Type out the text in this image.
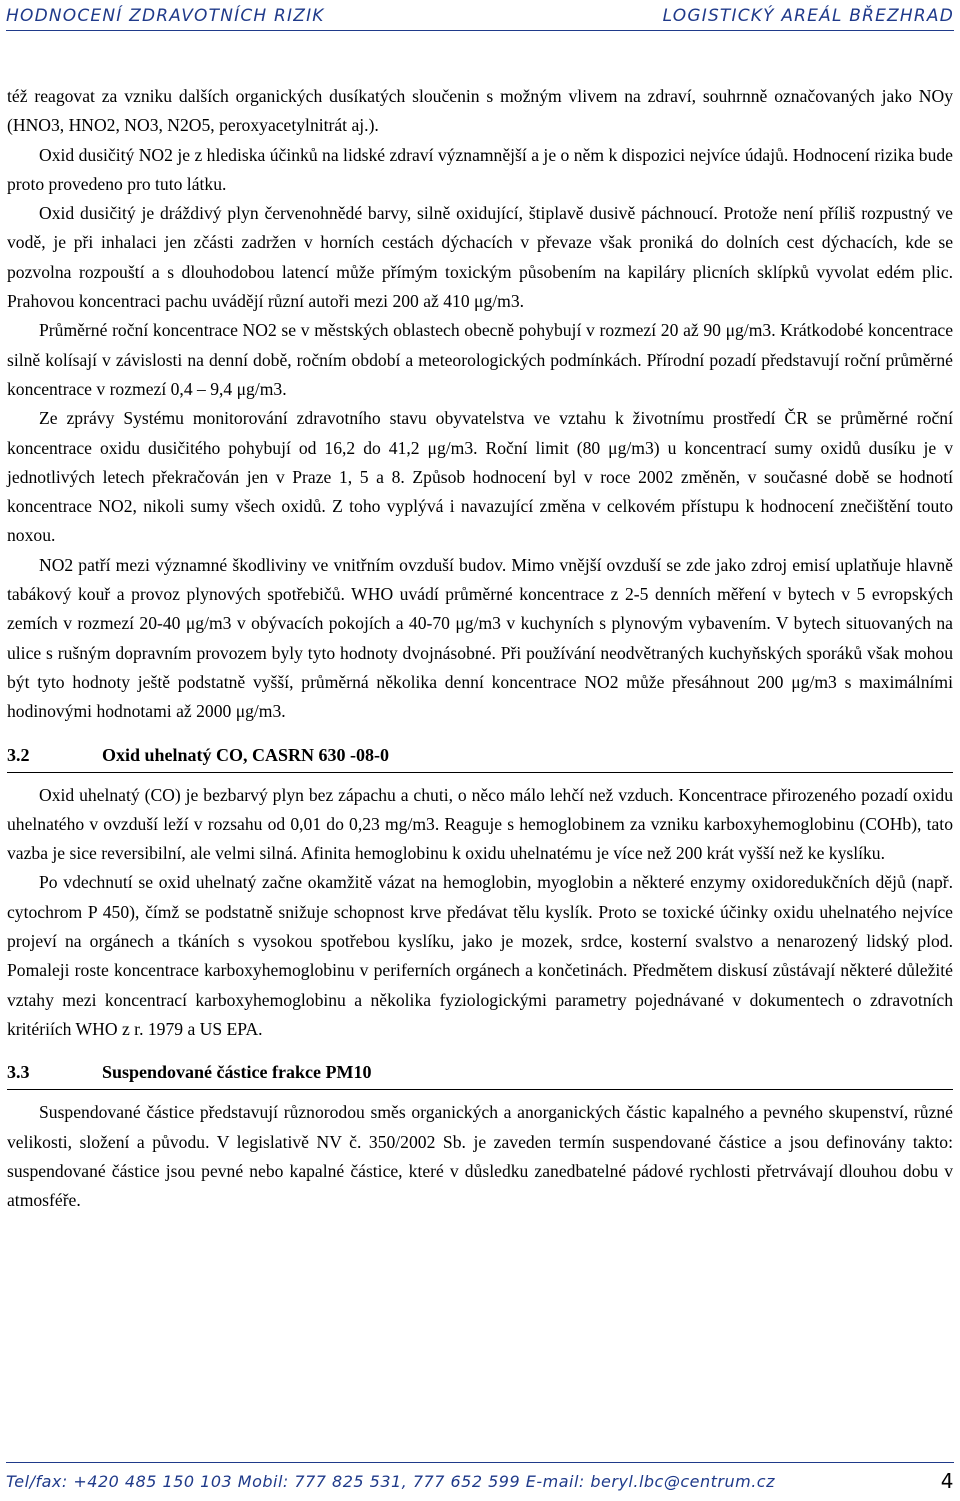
HODNOCENÍ ZDRAVOTNÍCH RIZIK	LOGISTICKÝ AREÁL BŘEZHRAD

též reagovat za vzniku dalších organických dusíkatých sloučenin s možným vlivem na zdraví, souhrnně označovaných jako NOy (HNO3, HNO2, NO3, N2O5, peroxyacetylnitrát aj.).

Oxid dusičitý NO2 je z hlediska účinků na lidské zdraví významnější a je o něm k dispozici nejvíce údajů. Hodnocení rizika bude proto provedeno pro tuto látku.

Oxid dusičitý je dráždivý plyn červenohnědé barvy, silně oxidující, štiplavě dusivě páchnoucí. Protože není příliš rozpustný ve vodě, je při inhalaci jen zčásti zadržen v horních cestách dýchacích v převaze však proniká do dolních cest dýchacích, kde se pozvolna rozpouští a s dlouhodobou latencí může přímým toxickým působením na kapiláry plicních sklípků vyvolat edém plic. Prahovou koncentraci pachu uvádějí různí autoři mezi 200 až 410 μg/m3.

Průměrné roční koncentrace NO2 se v městských oblastech obecně pohybují v rozmezí 20 až 90 μg/m3. Krátkodobé koncentrace silně kolísají v závislosti na denní době, ročním období a meteorologických podmínkách. Přírodní pozadí představují roční průměrné koncentrace v rozmezí 0,4 – 9,4 μg/m3.

Ze zprávy Systému monitorování zdravotního stavu obyvatelstva ve vztahu k životnímu prostředí ČR se průměrné roční koncentrace oxidu dusičitého pohybují od 16,2 do 41,2 μg/m3. Roční limit (80 μg/m3) u koncentrací sumy oxidů dusíku je v jednotlivých letech překračován jen v Praze 1, 5 a 8. Způsob hodnocení byl v roce 2002 změněn, v současné době se hodnotí koncentrace NO2, nikoli sumy všech oxidů. Z toho vyplývá i navazující změna v celkovém přístupu k hodnocení znečištění touto noxou.

NO2 patří mezi významné škodliviny ve vnitřním ovzduší budov. Mimo vnější ovzduší se zde jako zdroj emisí uplatňuje hlavně tabákový kouř a provoz plynových spotřebičů. WHO uvádí průměrné koncentrace z 2-5 denních měření v bytech v 5 evropských zemích v rozmezí 20-40 μg/m3 v obývacích pokojích a 40-70 μg/m3 v kuchyních s plynovým vybavením. V bytech situovaných na ulice s rušným dopravním provozem byly tyto hodnoty dvojnásobné. Při používání neodvětraných kuchyňských sporáků však mohou být tyto hodnoty ještě podstatně vyšší, průměrná několika denní koncentrace NO2 může přesáhnout 200 μg/m3 s maximálními hodinovými hodnotami až 2000 μg/m3.

3.2	Oxid uhelnatý CO, CASRN 630 -08-0

Oxid uhelnatý (CO) je bezbarvý plyn bez zápachu a chuti, o něco málo lehčí než vzduch. Koncentrace přirozeného pozadí oxidu uhelnatého v ovzduší leží v rozsahu od 0,01 do 0,23 mg/m3. Reaguje s hemoglobinem za vzniku karboxyhemoglobinu (COHb), tato vazba je sice reversibilní, ale velmi silná. Afinita hemoglobinu k oxidu uhelnatému je více než 200 krát vyšší než ke kyslíku.

Po vdechnutí se oxid uhelnatý začne okamžitě vázat na hemoglobin, myoglobin a některé enzymy oxidoredukčních dějů (např. cytochrom P 450), čímž se podstatně snižuje schopnost krve předávat tělu kyslík. Proto se toxické účinky oxidu uhelnatého nejvíce projeví na orgánech a tkáních s vysokou spotřebou kyslíku, jako je mozek, srdce, kosterní svalstvo a nenarozený lidský plod. Pomaleji roste koncentrace karboxyhemoglobinu v periferních orgánech a končetinách. Předmětem diskusí zůstávají některé důležité vztahy mezi koncentrací karboxyhemoglobinu a několika fyziologickými parametry pojednávané v dokumentech o zdravotních kritériích WHO z r. 1979 a US EPA.

3.3	Suspendované částice frakce PM10

Suspendované částice představují různorodou směs organických a anorganických částic kapalného a pevného skupenství, různé velikosti, složení a původu. V legislativě NV č. 350/2002 Sb. je zaveden termín suspendované částice a jsou definovány takto: suspendované částice jsou pevné nebo kapalné částice, které v důsledku zanedbatelné pádové rychlosti přetrvávají dlouhou dobu v atmosféře.

Tel/fax: +420 485 150 103 Mobil: 777 825 531, 777 652 599 E-mail: beryl.lbc@centrum.cz	4
